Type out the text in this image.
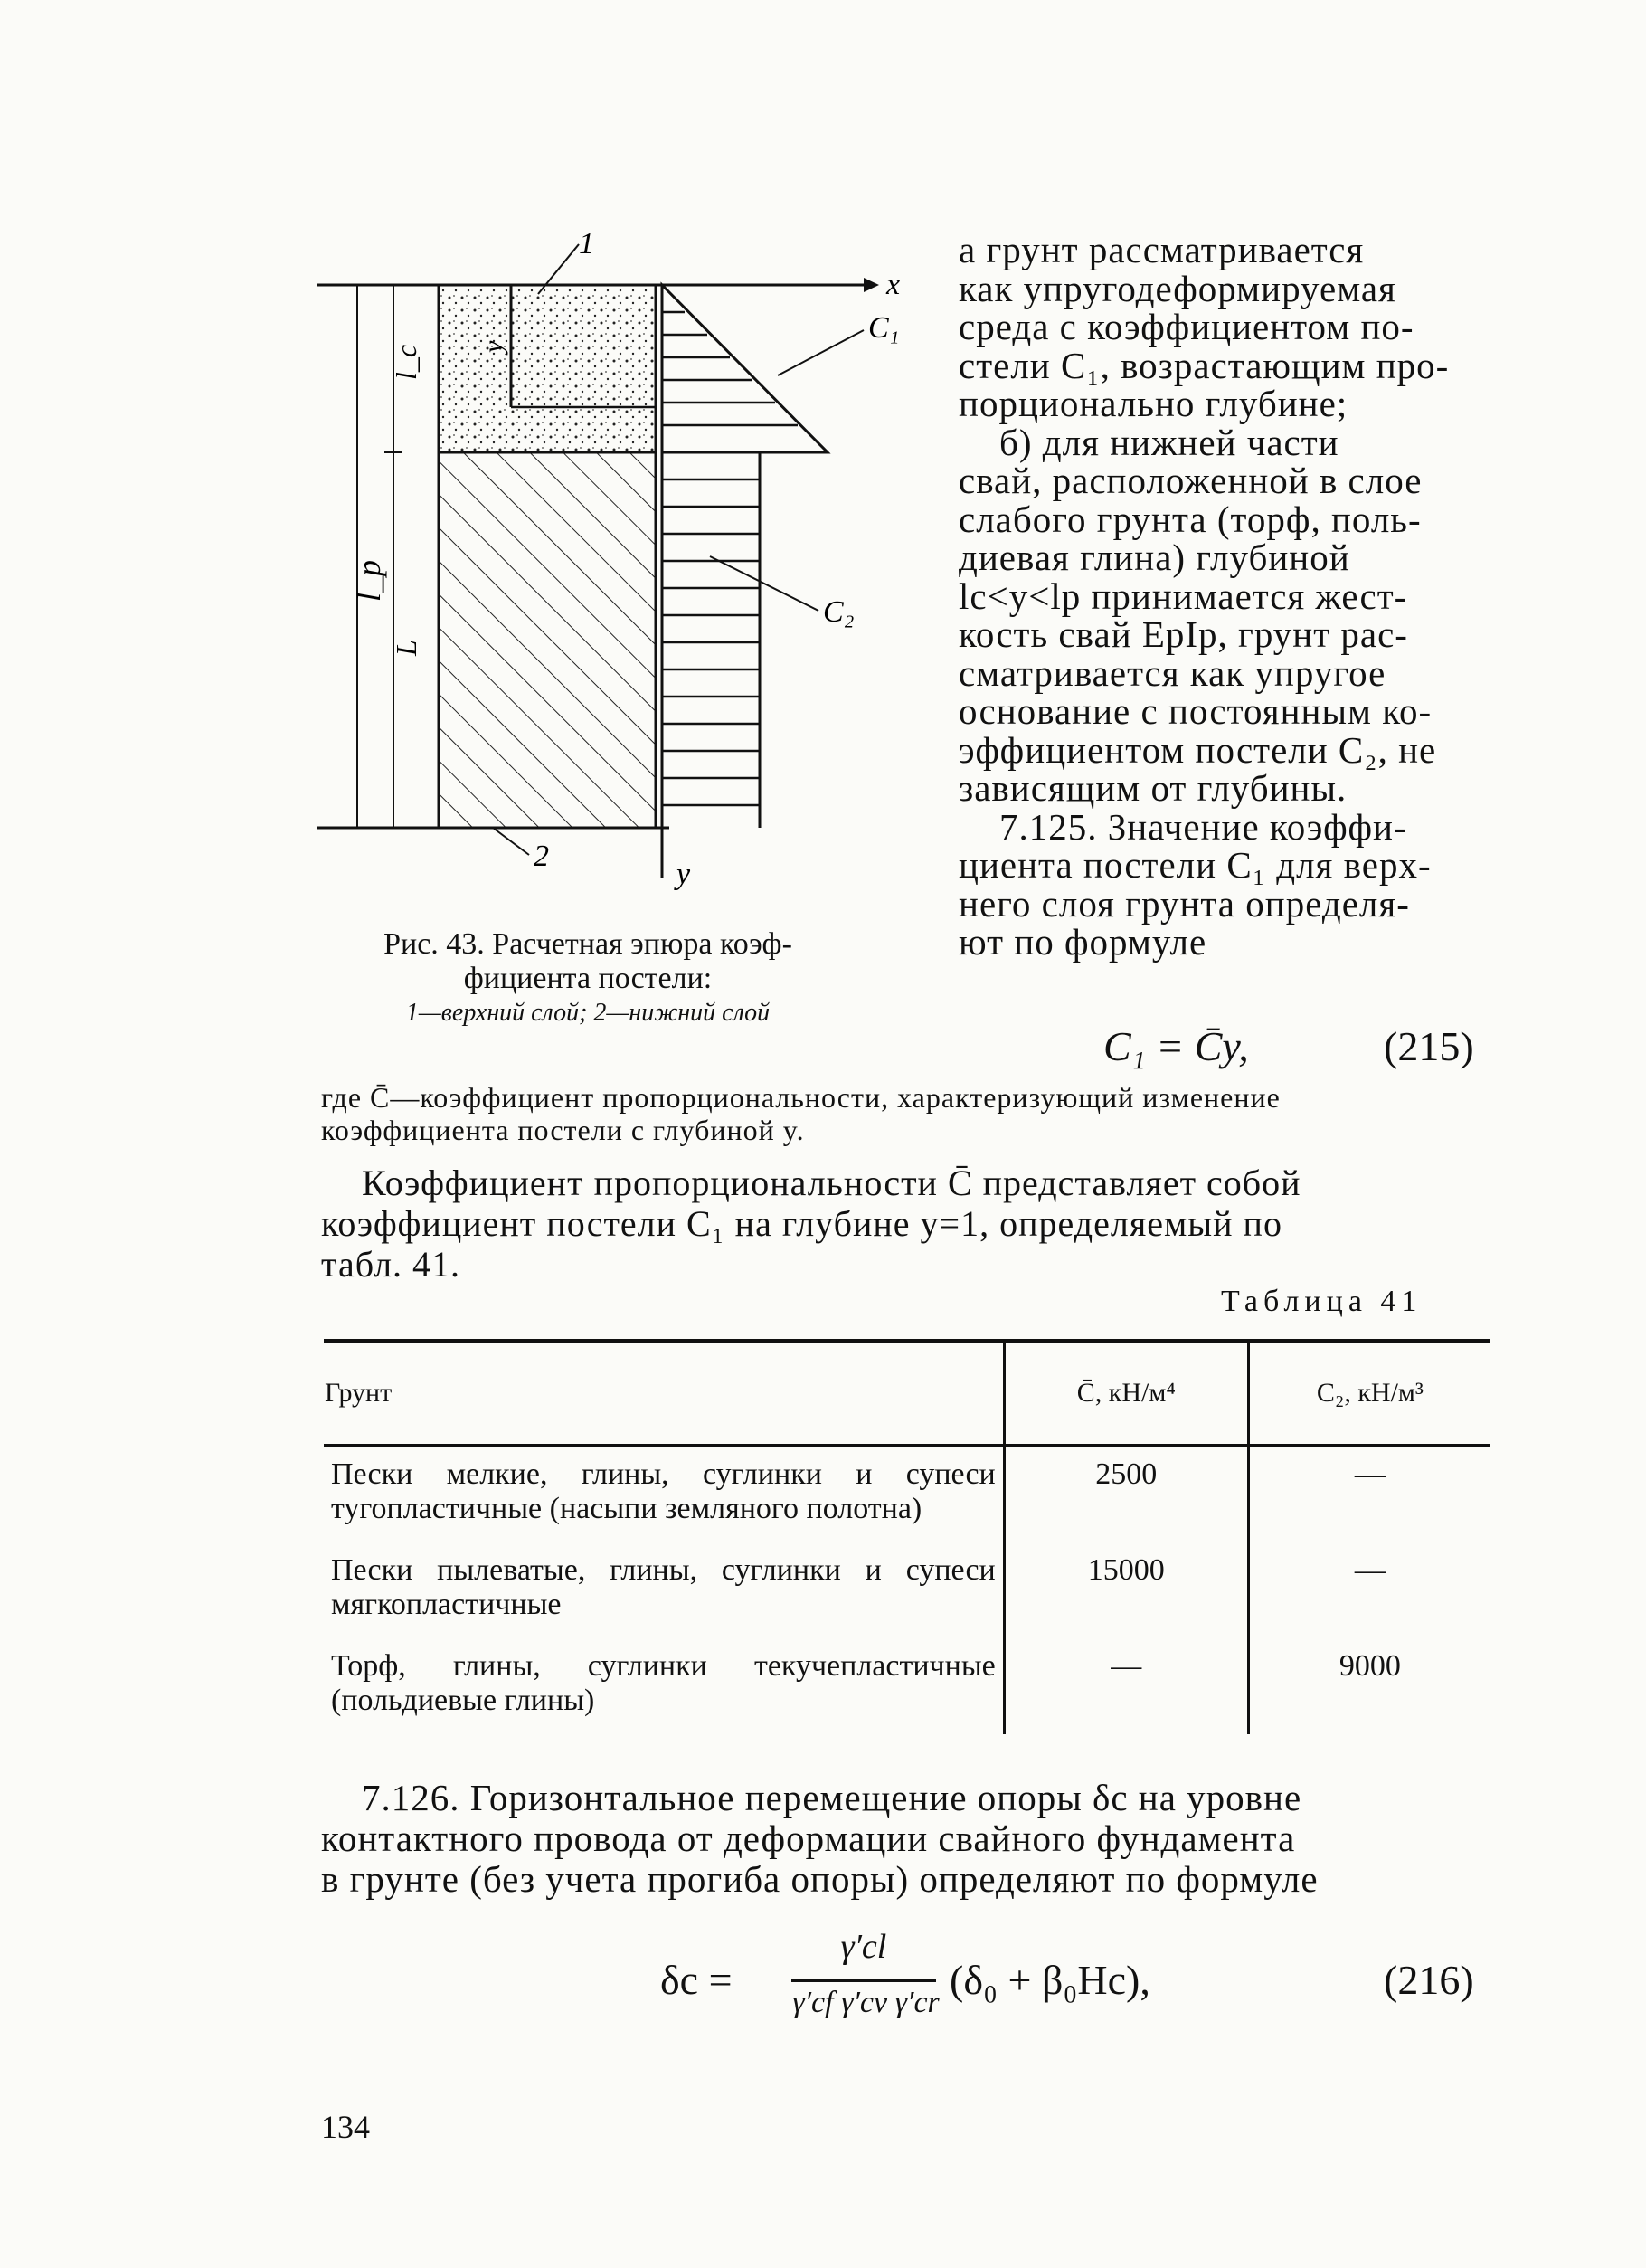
1
x
C₁
C₂
2
y
y
l_c
L
l_p
Рис. 43. Расчетная эпюра коэф-
фициента постели:
1—верхний слой; 2—нижний слой
а грунт рассматривается
как упругодеформируемая
среда с коэффициентом по-
стели C₁, возрастающим про-
порционально глубине;
б) для нижней части
свай, расположенной в слое
слабого грунта (торф, поль-
диевая глина) глубиной
lc<y<lp принимается жест-
кость свай EpIp, грунт рас-
сматривается как упругое
основание с постоянным ко-
эффициентом постели C₂, не
зависящим от глубины.
7.125. Значение коэффи-
циента постели C₁ для верх-
него слоя грунта определя-
ют по формуле
C₁ = C̄y,	(215)
где C̄—коэффициент пропорциональности, характеризующий изменение
коэффициента постели с глубиной y.
Коэффициент пропорциональности C̄ представляет собой
коэффициент постели C₁ на глубине y=1, определяемый по
табл. 41.
Таблица 41
Грунт	C̄, кН/м⁴	C₂, кН/м³
Пески мелкие, глины, суглинки и супеси тугопластичные (насыпи земляного полотна)	2500	—
Пески пылеватые, глины, суглинки и супеси мягкопластичные	15000	—
Торф, глины, суглинки текучепластичные (польдиевые глины)	—	9000
7.126. Горизонтальное перемещение опоры δc на уровне
контактного провода от деформации свайного фундамента
в грунте (без учета прогиба опоры) определяют по формуле
δc =
γ′cl
γ′cf γ′cv γ′cr (δ₀ + β₀Hc),	(216)
134
